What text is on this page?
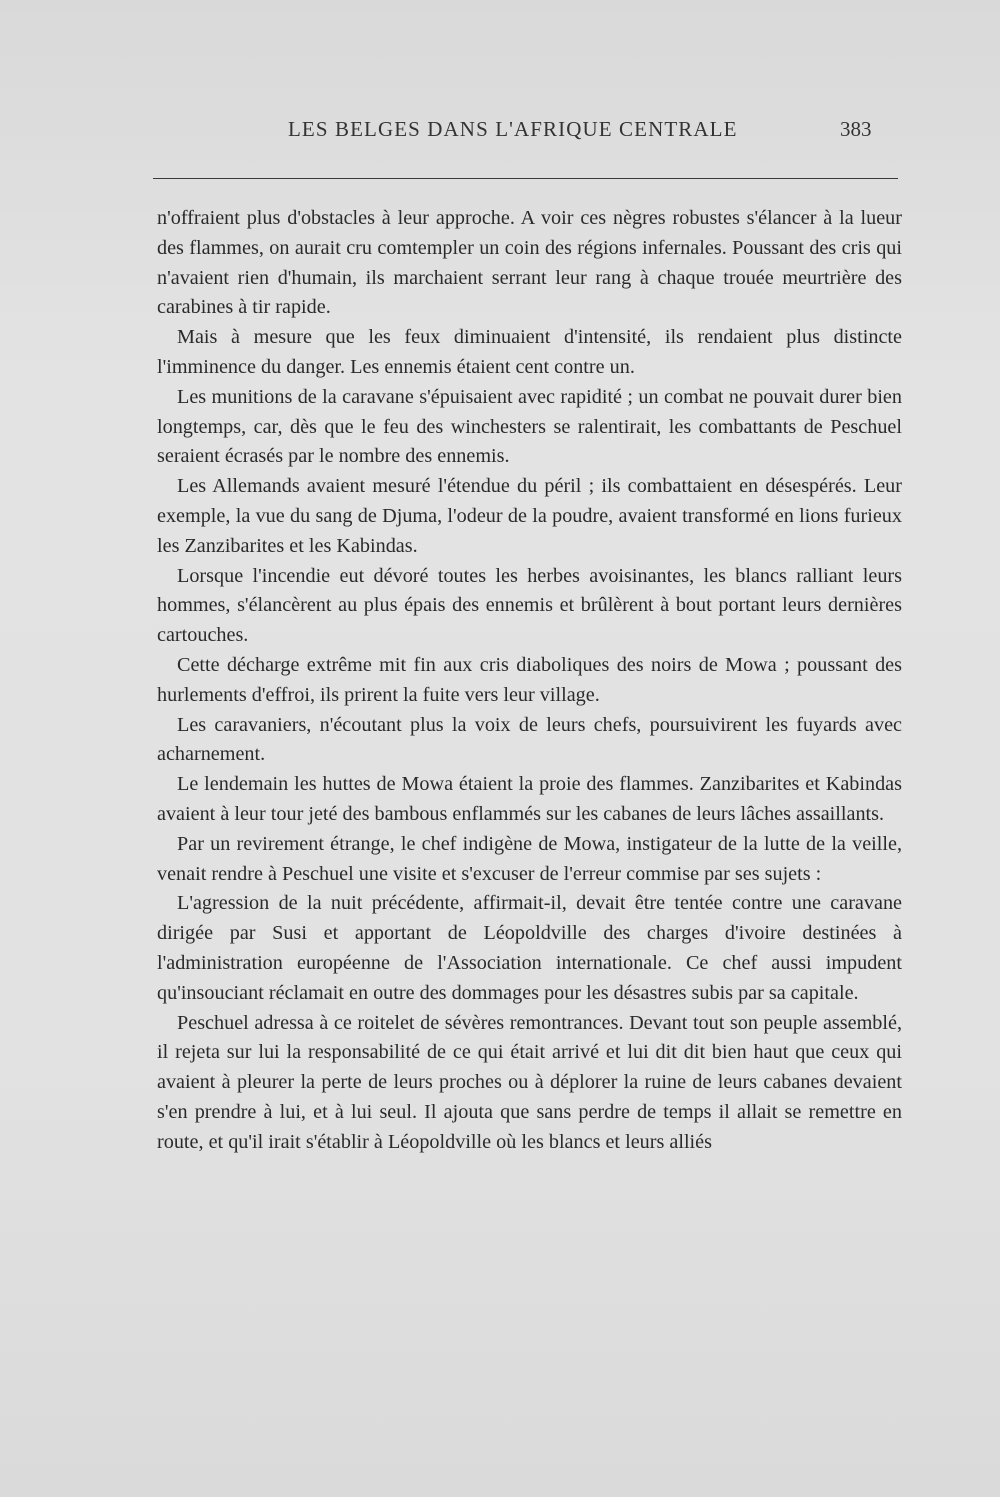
LES BELGES DANS L'AFRIQUE CENTRALE	383

n'offraient plus d'obstacles à leur approche. A voir ces nègres robustes s'élancer à la lueur des flammes, on aurait cru comtempler un coin des régions infernales. Poussant des cris qui n'avaient rien d'humain, ils marchaient serrant leur rang à chaque trouée meurtrière des carabines à tir rapide.

Mais à mesure que les feux diminuaient d'intensité, ils rendaient plus distincte l'imminence du danger. Les ennemis étaient cent contre un.

Les munitions de la caravane s'épuisaient avec rapidité ; un combat ne pouvait durer bien longtemps, car, dès que le feu des winchesters se ralentirait, les combattants de Peschuel seraient écrasés par le nombre des ennemis.

Les Allemands avaient mesuré l'étendue du péril ; ils combattaient en désespérés. Leur exemple, la vue du sang de Djuma, l'odeur de la poudre, avaient transformé en lions furieux les Zanzibarites et les Kabindas.

Lorsque l'incendie eut dévoré toutes les herbes avoisinantes, les blancs ralliant leurs hommes, s'élancèrent au plus épais des ennemis et brûlèrent à bout portant leurs dernières cartouches.

Cette décharge extrême mit fin aux cris diaboliques des noirs de Mowa ; poussant des hurlements d'effroi, ils prirent la fuite vers leur village.

Les caravaniers, n'écoutant plus la voix de leurs chefs, poursuivirent les fuyards avec acharnement.

Le lendemain les huttes de Mowa étaient la proie des flammes. Zanzibarites et Kabindas avaient à leur tour jeté des bambous enflammés sur les cabanes de leurs lâches assaillants.

Par un revirement étrange, le chef indigène de Mowa, instigateur de la lutte de la veille, venait rendre à Peschuel une visite et s'excuser de l'erreur commise par ses sujets :

L'agression de la nuit précédente, affirmait-il, devait être tentée contre une caravane dirigée par Susi et apportant de Léopoldville des charges d'ivoire destinées à l'administration européenne de l'Association internationale. Ce chef aussi impudent qu'insouciant réclamait en outre des dommages pour les désastres subis par sa capitale.

Peschuel adressa à ce roitelet de sévères remontrances. Devant tout son peuple assemblé, il rejeta sur lui la responsabilité de ce qui était arrivé et lui dit dit bien haut que ceux qui avaient à pleurer la perte de leurs proches ou à déplorer la ruine de leurs cabanes devaient s'en prendre à lui, et à lui seul. Il ajouta que sans perdre de temps il allait se remettre en route, et qu'il irait s'établir à Léopoldville où les blancs et leurs alliés
